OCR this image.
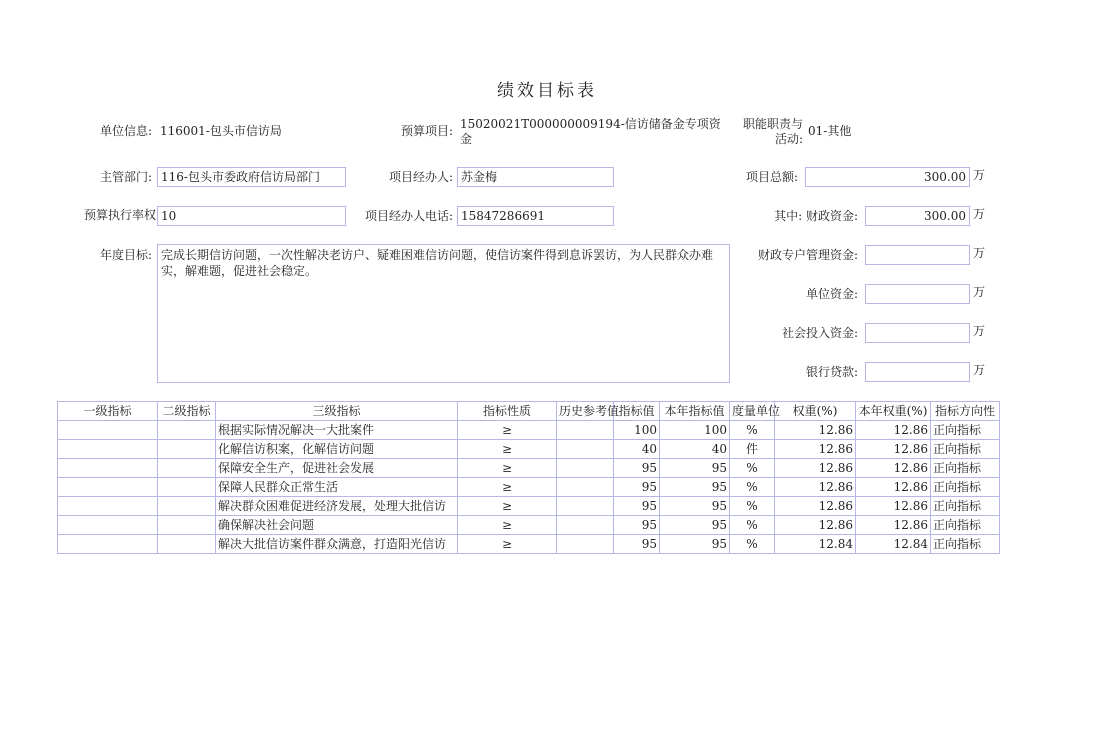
绩效目标表
单位信息: 116001-包头市信访局	预算项目: 15020021T000000009194-信访储备金专项资金
职能职责与
活动:
01-其他
主管部门: 116-包头市委政府信访局部门	项目经办人: 苏金梅	项目总额:	300.00 万
预算执行率权 10	项目经办人电话: 15847286691	其中: 财政资金:	300.00 万
年度目标: 完成长期信访问题，一次性解决老访户、疑难困难信访问题，使信访案件得到息诉罢访，为人民群众办难实，解难题，促进社会稳定。
财政专户管理资金:	万
单位资金:	万
社会投入资金:	万
银行贷款:	万
一级指标	二级指标	三级指标	指标性质	历史参考值	指标值	本年指标值	度量单位	权重(%)	本年权重(%)	指标方向性
		根据实际情况解决一大批案件	≥		100	100	%	12.86	12.86	正向指标
		化解信访积案，化解信访问题	≥		40	40	件	12.86	12.86	正向指标
		保障安全生产，促进社会发展	≥		95	95	%	12.86	12.86	正向指标
		保障人民群众正常生活	≥		95	95	%	12.86	12.86	正向指标
		解决群众困难促进经济发展，处理大批信访	≥		95	95	%	12.86	12.86	正向指标
		确保解决社会问题	≥		95	95	%	12.86	12.86	正向指标
		解决大批信访案件群众满意，打造阳光信访	≥		95	95	%	12.84	12.84	正向指标
